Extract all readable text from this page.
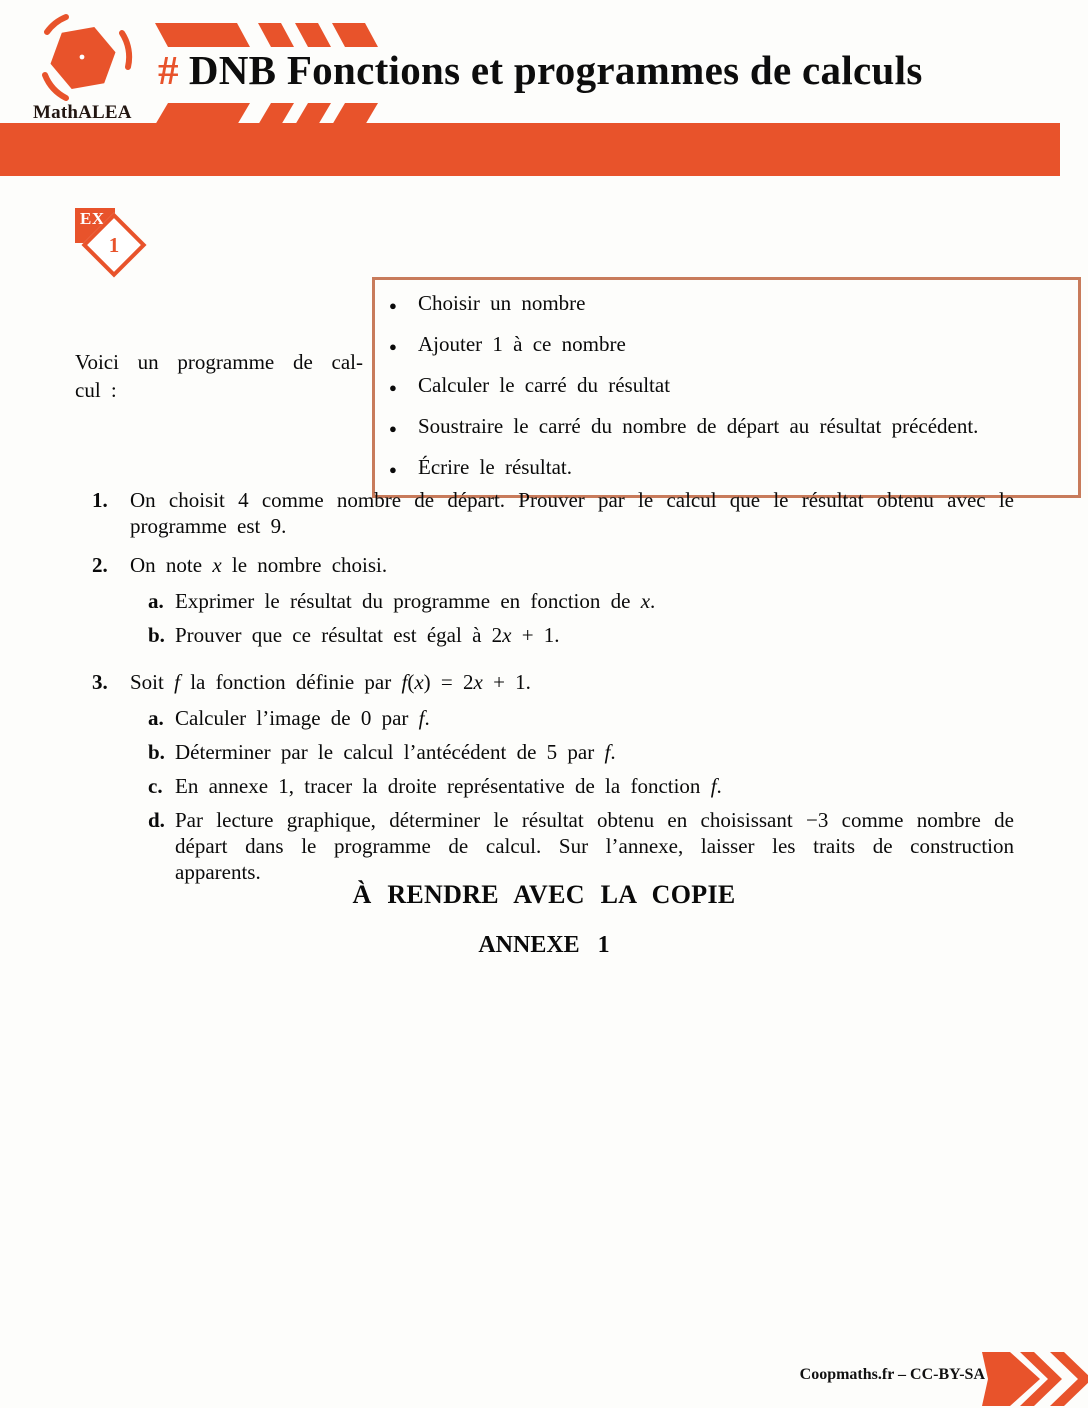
MathALEA
# DNB Fonctions et programmes de calculs
EX
1

Voici un programme de cal-
cul :

●	Choisir un nombre
●	Ajouter 1 à ce nombre
●	Calculer le carré du résultat
●	Soustraire le carré du nombre de départ au résultat précédent.
●	Écrire le résultat.
1.	On choisit 4 comme nombre de départ. Prouver par le calcul que le résultat obtenu avec le programme est 9.

2.	On note x le nombre choisi.

a. Exprimer le résultat du programme en fonction de x.

b. Prouver que ce résultat est égal à 2x + 1.

3.	Soit f la fonction définie par f(x) = 2x + 1.

a. Calculer l’image de 0 par f.

b. Déterminer par le calcul l’antécédent de 5 par f.

c. En annexe 1, tracer la droite représentative de la fonction f.

d. Par lecture graphique, déterminer le résultat obtenu en choisissant −3 comme nombre de départ dans le programme de calcul. Sur l’annexe, laisser les traits de construction apparents.

À RENDRE AVEC LA COPIE
ANNEXE 1
Coopmaths.fr – CC-BY-SA
